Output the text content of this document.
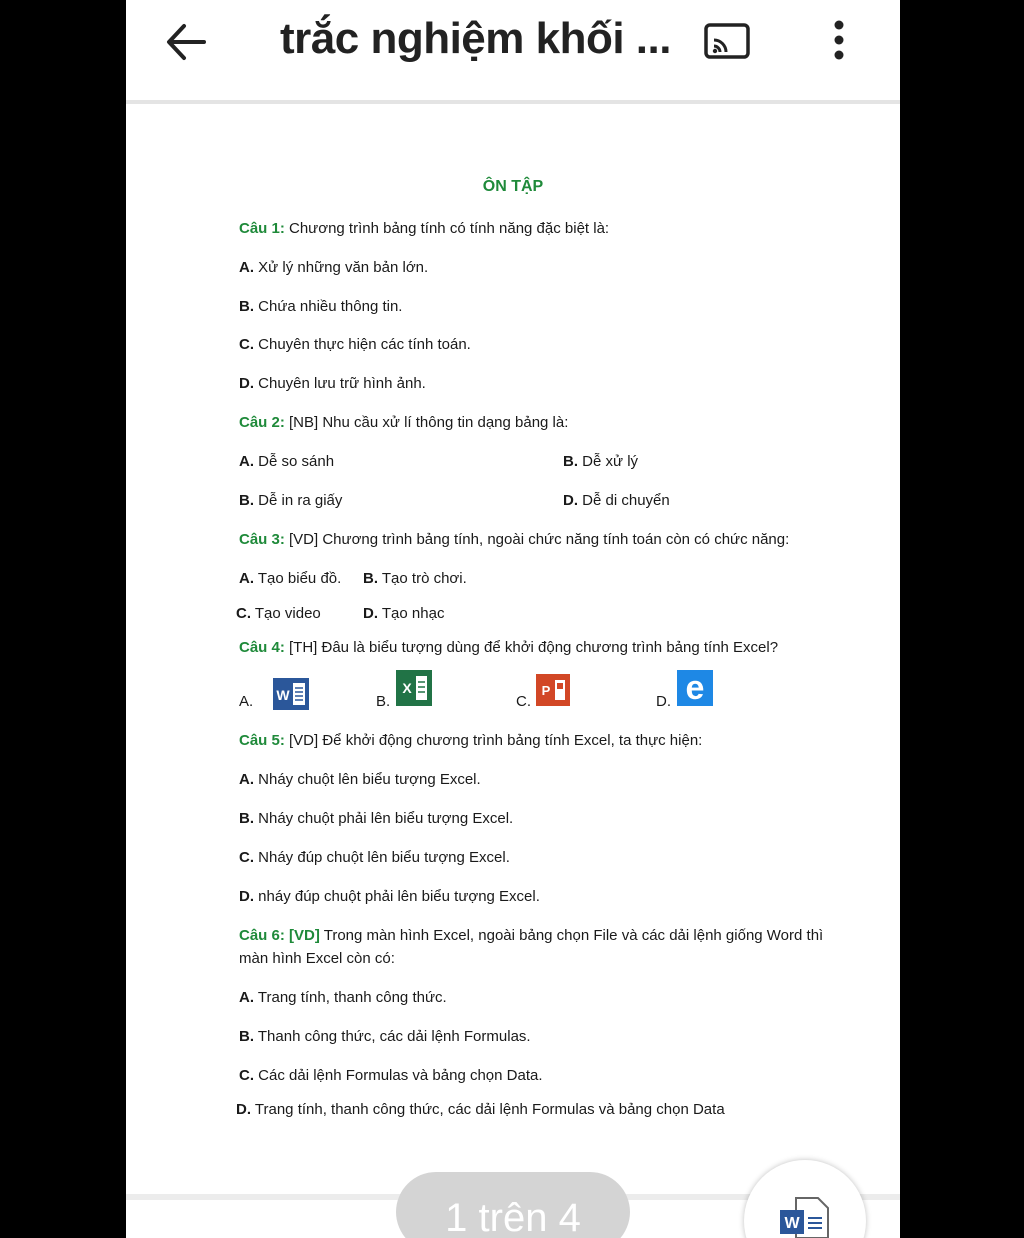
trắc nghiệm khối ...
ÔN TẬP
Câu 1: Chương trình bảng tính có tính năng đặc biệt là:
A. Xử lý những văn bản lớn.
B. Chứa nhiều thông tin.
C. Chuyên thực hiện các tính toán.
D. Chuyên lưu trữ hình ảnh.
Câu 2: [NB] Nhu cầu xử lí thông tin dạng bảng là:
A. Dễ so sánh	B. Dễ xử lý
B. Dễ in ra giấy	D. Dễ di chuyển
Câu 3: [VD] Chương trình bảng tính, ngoài chức năng tính toán còn có chức năng:
A. Tạo biểu đồ. B. Tạo trò chơi.
C. Tạo video	D. Tạo nhạc
Câu 4: [TH] Đâu là biểu tượng dùng để khởi động chương trình bảng tính Excel?
A. W	B.
X
C.
P
D. e
Câu 5: [VD] Để khởi động chương trình bảng tính Excel, ta thực hiện:
A. Nháy chuột lên biểu tượng Excel.
B. Nháy chuột phải lên biểu tượng Excel.
C. Nháy đúp chuột lên biểu tượng Excel.
D. nháy đúp chuột phải lên biểu tượng Excel.
Câu 6: [VD] Trong màn hình Excel, ngoài bảng chọn File và các dải lệnh giống Word thì
màn hình Excel còn có:
A. Trang tính, thanh công thức.
B. Thanh công thức, các dải lệnh Formulas.
C. Các dải lệnh Formulas và bảng chọn Data.
D. Trang tính, thanh công thức, các dải lệnh Formulas và bảng chọn Data
1 trên 4	W
